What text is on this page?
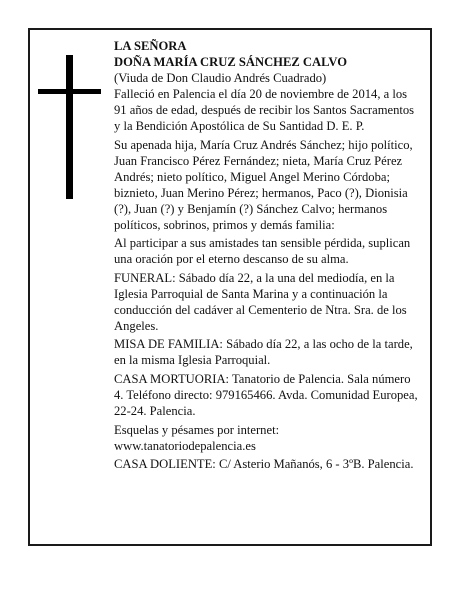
LA SEÑORA
DOÑA MARÍA CRUZ SÁNCHEZ CALVO
(Viuda de Don Claudio Andrés Cuadrado)

Falleció en Palencia el día 20 de noviembre de 2014, a los 91 años de edad, después de recibir los Santos Sacramentos y la Bendición Apostólica de Su Santidad D. E. P.

Su apenada hija, María Cruz Andrés Sánchez; hijo político, Juan Francisco Pérez Fernández; nieta, María Cruz Pérez Andrés; nieto político, Miguel Angel Merino Córdoba; biznieto, Juan Merino Pérez; hermanos, Paco (?), Dionisia (?), Juan (?) y Benjamín (?) Sánchez Calvo; hermanos políticos, sobrinos, primos y demás familia:

Al participar a sus amistades tan sensible pérdida, suplican una oración por el eterno descanso de su alma.

FUNERAL: Sábado día 22, a la una del mediodía, en la Iglesia Parroquial de Santa Marina y a continuación la conducción del cadáver al Cementerio de Ntra. Sra. de los Angeles.

MISA DE FAMILIA: Sábado día 22, a las ocho de la tarde, en la misma Iglesia Parroquial.

CASA MORTUORIA: Tanatorio de Palencia. Sala número 4. Teléfono directo: 979165466. Avda. Comunidad Europea, 22-24. Palencia.

Esquelas y pésames por internet: www.tanatoriodepalencia.es

CASA DOLIENTE: C/ Asterio Mañanós, 6 - 3ºB. Palencia.
